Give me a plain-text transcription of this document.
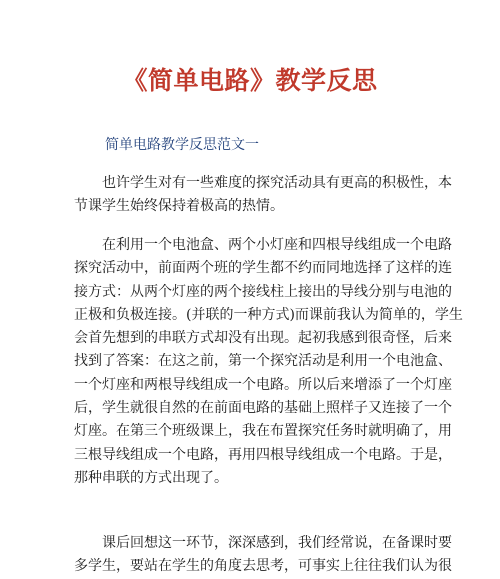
《简单电路》教学反思
简单电路教学反思范文一

也许学生对有一些难度的探究活动具有更高的积极性，本
节课学生始终保持着极高的热情。

在利用一个电池盒、两个小灯座和四根导线组成一个电路
探究活动中，前面两个班的学生都不约而同地选择了这样的连
接方式：从两个灯座的两个接线柱上接出的导线分别与电池的
正极和负极连接。(并联的一种方式)而课前我认为简单的，学生
会首先想到的串联方式却没有出现。起初我感到很奇怪，后来
找到了答案：在这之前，第一个探究活动是利用一个电池盒、
一个灯座和两根导线组成一个电路。所以后来增添了一个灯座
后，学生就很自然的在前面电路的基础上照样子又连接了一个
灯座。在第三个班级课上，我在布置探究任务时就明确了，用
三根导线组成一个电路，再用四根导线组成一个电路。于是，
那种串联的方式出现了。

课后回想这一环节，深深感到，我们经常说，在备课时要
多学生，要站在学生的角度去思考，可事实上往往我们认为很
